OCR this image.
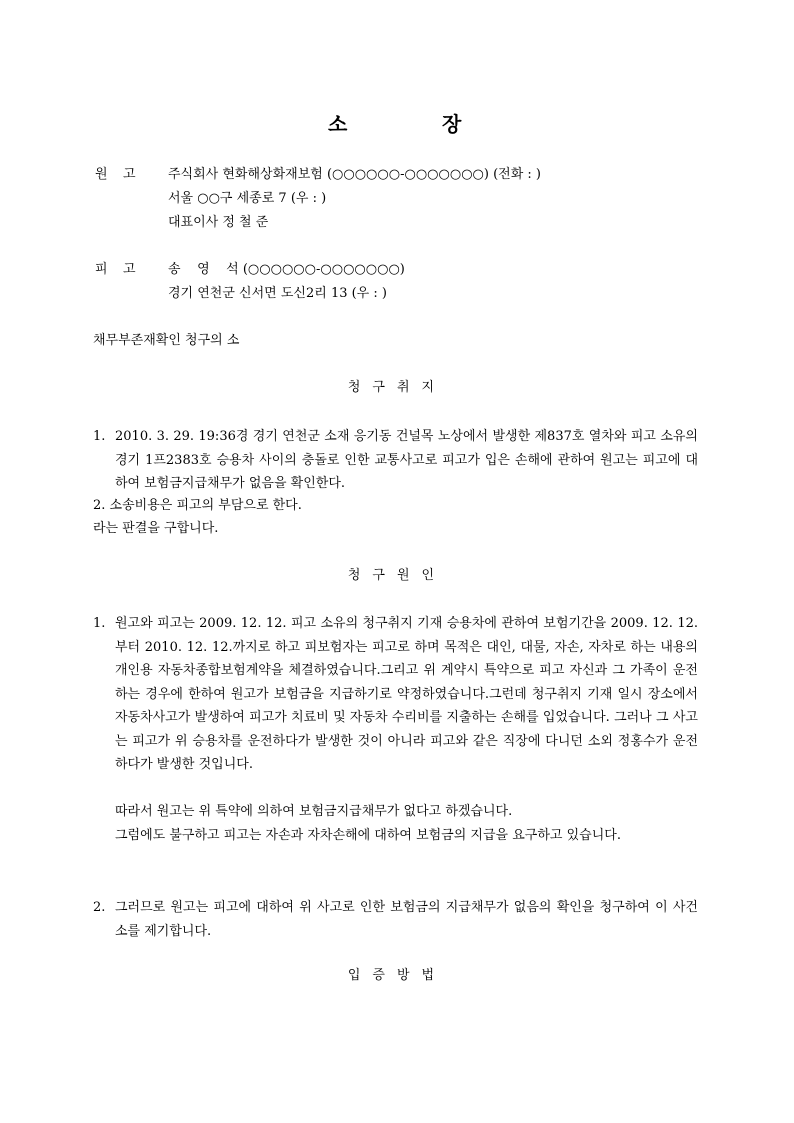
소	장
원 고 주식회사 현화해상화재보험 (○○○○○○-○○○○○○○) (전화 : )
서울 ○○구 세종로 7 (우 : )
대표이사 정 철 준
피 고 송    영    석 (○○○○○○-○○○○○○○)
경기 연천군 신서면 도신2리 13 (우 : )
채무부존재확인 청구의 소
청구취지
1. 2010. 3. 29. 19:36경 경기 연천군 소재 응기동 건널목 노상에서 발생한 제837호 열차와 피고 소유의 경기 1프2383호 승용차 사이의 충돌로 인한 교통사고로 피고가 입은 손해에 관하여 원고는 피고에 대하여 보험금지급채무가 없음을 확인한다.
2. 소송비용은 피고의 부담으로 한다.
라는 판결을 구합니다.
청구원인
1. 원고와 피고는 2009. 12. 12. 피고 소유의 청구취지 기재 승용차에 관하여 보험기간을 2009. 12. 12.부터 2010. 12. 12.까지로 하고 피보험자는 피고로 하며 목적은 대인, 대물, 자손, 자차로 하는 내용의 개인용 자동차종합보험계약을 체결하였습니다.그리고 위 계약시 특약으로 피고 자신과 그 가족이 운전하는 경우에 한하여 원고가 보험금을 지급하기로 약정하였습니다.그런데 청구취지 기재 일시 장소에서 자동차사고가 발생하여 피고가 치료비 및 자동차 수리비를 지출하는 손해를 입었습니다. 그러나 그 사고는 피고가 위 승용차를 운전하다가 발생한 것이 아니라 피고와 같은 직장에 다니던 소외 정홍수가 운전하다가 발생한 것입니다.
따라서 원고는 위 특약에 의하여 보험금지급채무가 없다고 하겠습니다.
그럼에도 불구하고 피고는 자손과 자차손해에 대하여 보험금의 지급을 요구하고 있습니다.
2. 그러므로 원고는 피고에 대하여 위 사고로 인한 보험금의 지급채무가 없음의 확인을 청구하여 이 사건 소를 제기합니다.
입증방법
